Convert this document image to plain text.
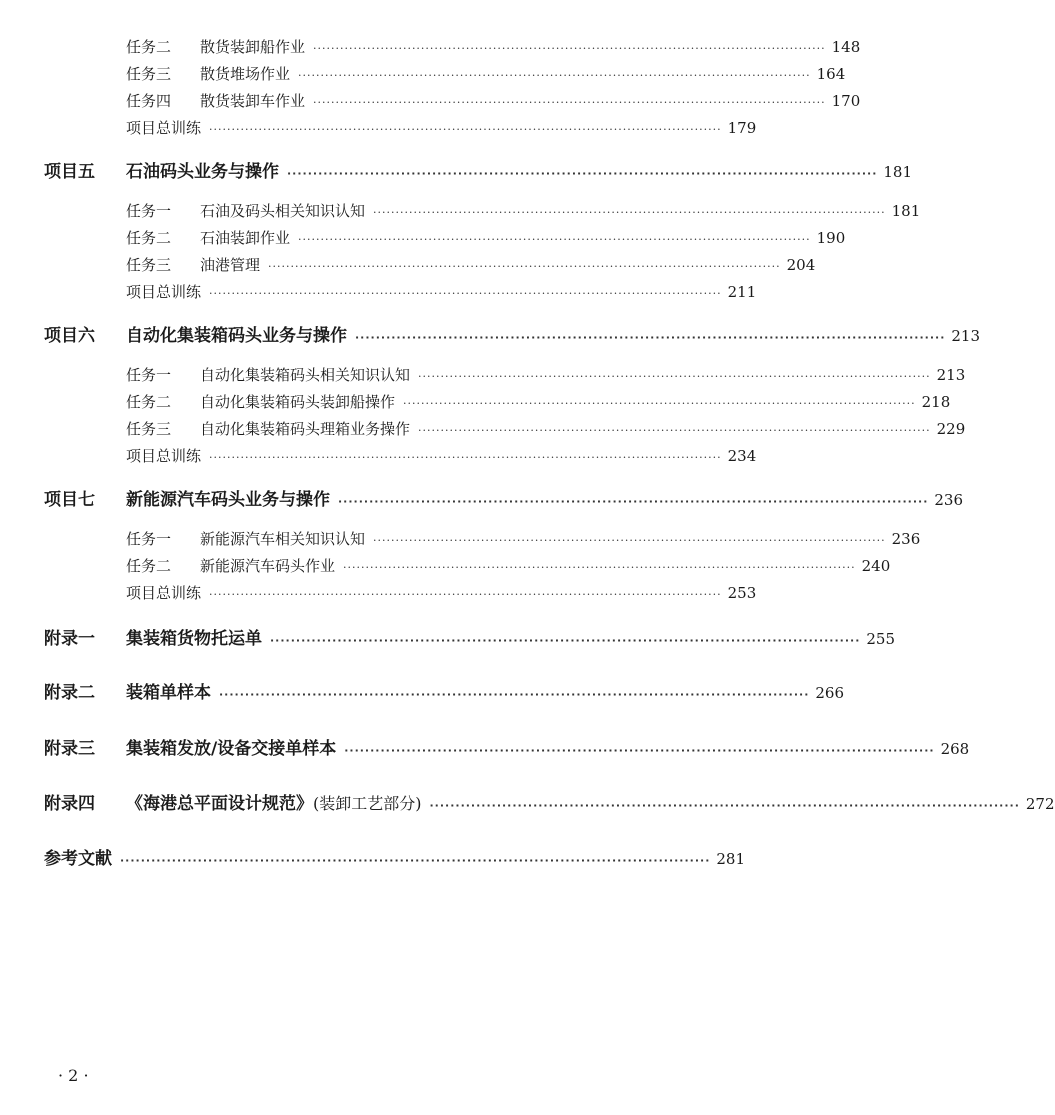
任务二	散货装卸船作业 ·················································································································· 148
任务三	散货堆场作业 ·················································································································· 164
任务四	散货装卸车作业 ·················································································································· 170
项目总训练 ·················································································································· 179
项目五	石油码头业务与操作 ·················································································································· 181
任务一	石油及码头相关知识认知 ·················································································································· 181
任务二	石油装卸作业 ·················································································································· 190
任务三	油港管理 ·················································································································· 204
项目总训练 ·················································································································· 211
项目六	自动化集装箱码头业务与操作 ·················································································································· 213
任务一	自动化集装箱码头相关知识认知 ·················································································································· 213
任务二	自动化集装箱码头装卸船操作 ·················································································································· 218
任务三	自动化集装箱码头理箱业务操作 ·················································································································· 229
项目总训练 ·················································································································· 234
项目七	新能源汽车码头业务与操作 ·················································································································· 236
任务一	新能源汽车相关知识认知 ·················································································································· 236
任务二	新能源汽车码头作业 ·················································································································· 240
项目总训练 ·················································································································· 253
附录一	集装箱货物托运单 ·················································································································· 255
附录二	装箱单样本 ·················································································································· 266
附录三	集装箱发放/设备交接单样本 ·················································································································· 268
附录四	《海港总平面设计规范》 (装卸工艺部分) ·················································································································· 272
参考文献 ·················································································································· 281
· 2 ·
